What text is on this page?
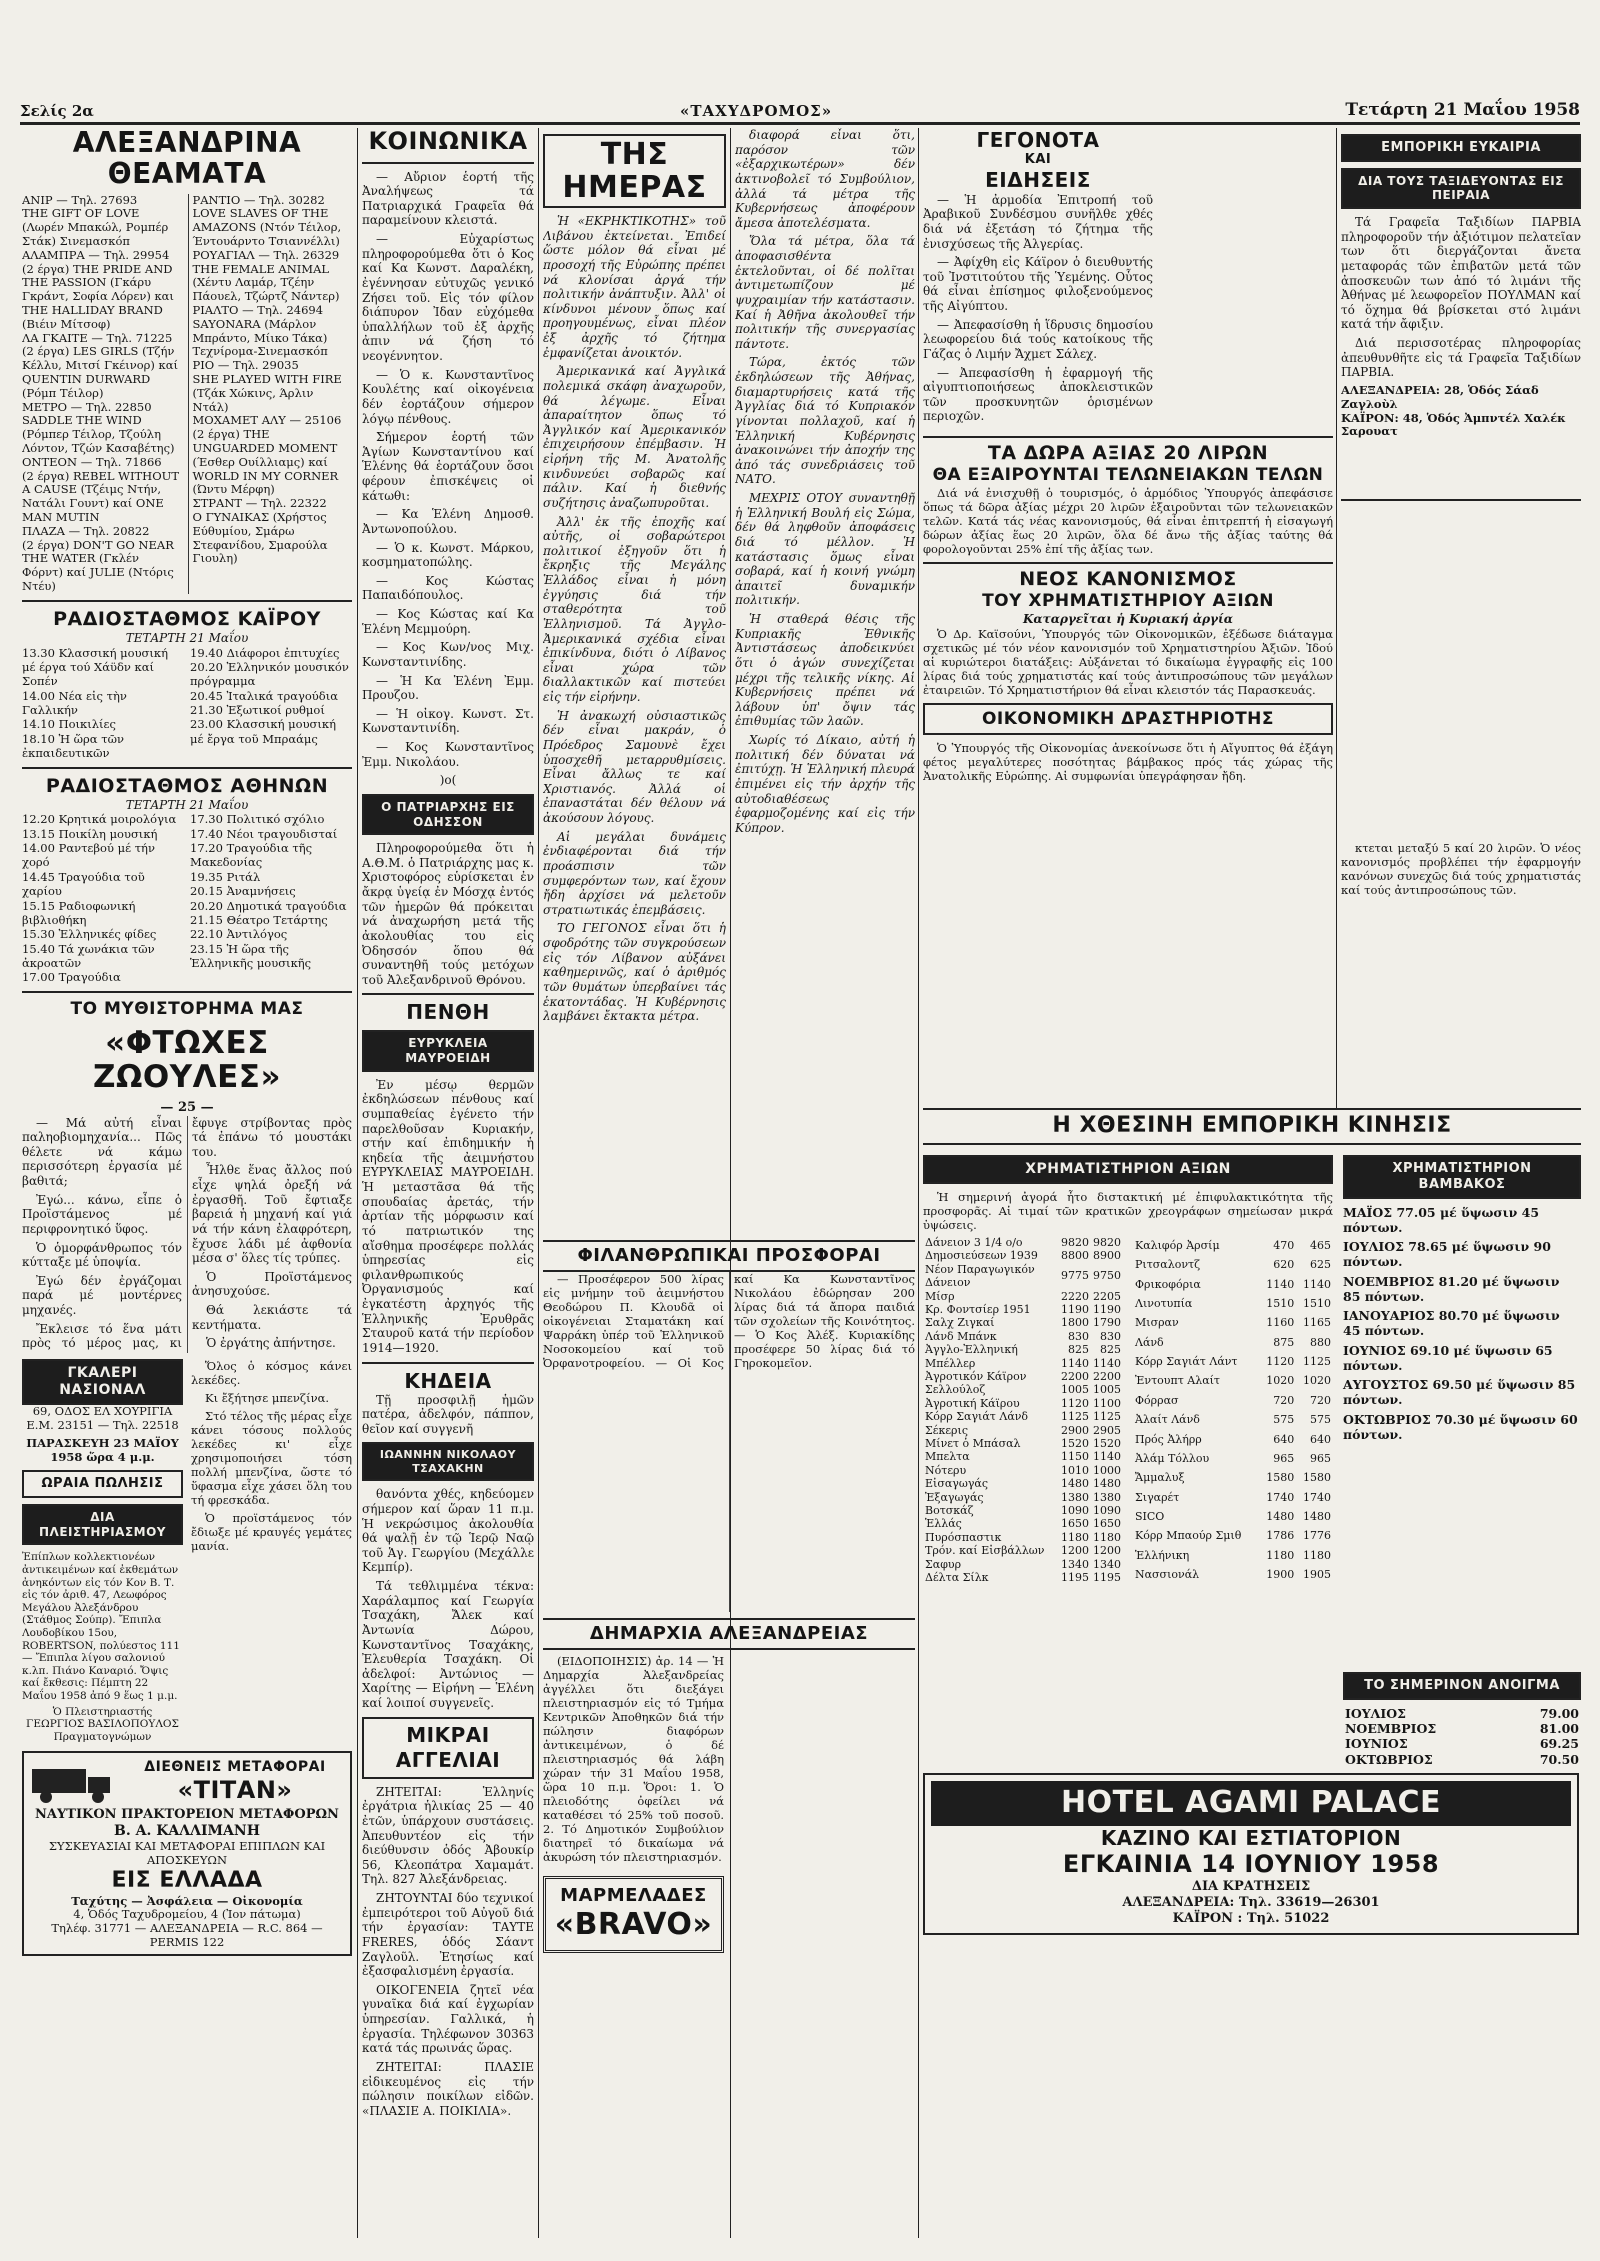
Σελίς 2α	«ΤΑΧΥΔΡΟΜΟΣ»	Τετάρτη 21 Μαΐου 1958
ΑΛΕΞΑΝΔΡΙΝΑ ΘΕΑΜΑΤΑ
ΑΝΙΡ — Τηλ. 27693
THE GIFT OF LOVE (Λωρέν Μπακώλ, Ρομπέρ Στάκ) Σινεμασκόπ
ΑΛΑΜΠΡΑ — Τηλ. 29954
(2 έργα) THE PRIDE AND THE PASSION (Γκάρυ Γκράντ, Σοφία Λόρεν) και THE HALLIDAY BRAND (Βιέιν Μίτσοφ)
ΛΑ ΓΚΑΙΤΕ — Τηλ. 71225
(2 έργα) LES GIRLS (Τζήν Κέλλυ, Μιτσί Γκέινορ) καί QUENTIN DURWARD (Ρόμπ Τέιλορ)
ΜΕΤΡΟ — Τηλ. 22850
SADDLE THE WIND (Ρόμπερ Τέιλορ, Τζούλη Λόντον, Τζών Κασαβέτης)
ΟΝΤΕΟΝ — Τηλ. 71866
(2 έργα) REBEL WITHOUT A CAUSE (Τζέιμς Ντήν, Νατάλι Γουντ) καί ONE MAN MUTIN
ΠΛΑΖΑ — Τηλ. 20822
(2 έργα) DON'T GO NEAR THE WATER (Γκλέν Φόρντ) καί JULIE (Ντόρις Ντέυ)
ΡΑΝΤΙΟ — Τηλ. 30282
LOVE SLAVES OF THE AMAZONS (Ντόν Τέιλορ, Έντουάρντο Τσιαννέλλι)
ΡΟΥΑΓΙΑΛ — Τηλ. 26329
THE FEMALE ANIMAL (Χέντυ Λαμάρ, Τζέην Πάουελ, Τζώρτζ Νάντερ)
ΡΙΑΛΤΟ — Τηλ. 24694
SAYONARA (Μάρλον Μπράντο, Μίικο Τάκα) Τεχνίρομα-Σινεμασκόπ
ΡΙΟ — Τηλ. 29035
SHE PLAYED WITH FIRE (Τζάκ Χώκινς, Άρλιν Ντάλ)
ΜΟΧΑΜΕΤ ΑΛΥ — 25106
(2 έργα) THE UNGUARDED MOMENT (Έσθερ Ουίλλιαμς) καί WORLD IN MY CORNER (Ώντυ Μέρφη)
ΣΤΡΑΝΤ — Τηλ. 22322
Ο ΓΥΝΑΙΚΑΣ (Χρήστος Εύθυμίου, Σμάρω Στεφανίδου, Σμαρούλα Γιουλη)
ΡΑΔΙΟΣΤΑΘΜΟΣ ΚΑΪΡΟΥ
ΤΕΤΑΡΤΗ 21 Μαΐου
13.30 Κλασσική μουσική μέ έργα τού Χάϋδν καί Σοπέν
14.00 Νέα εἰς τὴν Γαλλικήν
14.10 Ποικιλίες
18.10 Ἡ ὥρα τῶν ἐκπαιδευτικῶν
19.40 Διάφοροι ἐπιτυχίες
20.20 Ἑλληνικόν μουσικόν πρόγραμμα
20.45 Ἰταλικά τραγούδια
21.30 Ἐξωτικοί ρυθμοί
23.00 Κλασσική μουσική μέ ἔργα τοῦ Μπραάμς
ΡΑΔΙΟΣΤΑΘΜΟΣ ΑΘΗΝΩΝ
ΤΕΤΑΡΤΗ 21 Μαΐου
12.20 Κρητικά μοιρολόγια
13.15 Ποικίλη μουσική
14.00 Ραντεβού μέ τήν χορό
14.45 Τραγούδια τοῦ χαρίου
15.15 Ραδιοφωνική βιβλιοθήκη
15.30 Ἑλληνικές φίδες
15.40 Τά χωνάκια τῶν ἀκροατῶν
17.00 Τραγούδια
17.30 Πολιτικό σχόλιο
17.40 Νέοι τραγουδισταί
17.20 Τραγούδια τῆς Μακεδονίας
19.35 Ριτάλ
20.15 Ἀναμνήσεις
20.20 Δημοτικά τραγούδια
21.15 Θέατρο Τετάρτης
22.10 Ἀντιλόγος
23.15 Ἡ ὥρα τῆς Ἑλληνικῆς μουσικῆς
ΤΟ ΜΥΘΙΣΤΟΡΗΜΑ ΜΑΣ
«ΦΤΩΧΕΣ ΖΩΟΥΛΕΣ»
— 25 —

— Μά αὐτή εἶναι παληοβιομηχανία... Πῶς θέλετε νά κάμω περισσότερη ἐργασία μέ βαθιτά;

Ἐγώ... κάνω, εἶπε ὁ Προϊστάμενος μέ περιφρονητικό ὕφος.

Ὁ ὁμορφάνθρωπος τόν κύτταξε μέ ὑποψία.

Ἐγώ δέν ἐργάζομαι παρά μέ μοντέρνες μηχανές.

Ἔκλεισε τό ἕνα μάτι πρὸς τό μέρος μας, κι ἔφυγε στρίβοντας πρὸς τά ἐπάνω τό μουστάκι του.

Ἦλθε ἕνας ἄλλος πού εἶχε ψηλά ὀρεξή νά ἐργασθῆ. Τοῦ ἔφτιαξε βαρειά ἡ μηχανή καί γιά νά τήν κάνη ἐλαφρότερη, ἔχυσε λάδι μέ ἀφθονία μέσα σ' ὅλες τίς τρύπες.

Ὁ Προϊστάμενος ἀνησυχούσε.

Θά λεκιάστε τά κεντήματα.

Ὁ ἐργάτης ἀπήντησε.

ΓΚΑΛΕΡΙ ΝΑΣΙΟΝΑΛ
69, ΟΔΟΣ ΕΛ ΧΟΥΡΙΓΙΑ
Ε.Μ. 23151 — Τηλ. 22518
ΠΑΡΑΣΚΕΥΗ 23 ΜΑΪΟΥ 1958 ὥρα 4 μ.μ.
ΩΡΑΙΑ ΠΩΛΗΣΙΣ
ΔΙΑ ΠΛΕΙΣΤΗΡΙΑΣΜΟΥ
Ἐπίπλων κολλεκτιονέων ἀντικειμένων καί ἐκθεμάτων ἀνηκόντων εἰς τόν Κον Β. Τ. εἰς τόν ἀριθ. 47, Λεωφόρος Μεγάλου Ἀλεξάνδρου (Στάθμος Σούπρ). Ἔπιπλα Λουδοβίκου 15ου, ROBERTSON, πολύεστος 111 — Ἔπιπλα λίγου σαλονιού κ.λπ. Πιάνο Καναριό. Ὄψις καί ἔκθεσις: Πέμπτη 22 Μαΐου 1958 ἀπό 9 ἕως 1 μ.μ.
Ὁ Πλειστηριαστής ΓΕΩΡΓΙΟΣ ΒΑΣΙΛΟΠΟΥΛΟΣ Πραγματογνώμων

Ὅλος ὁ κόσμος κάνει λεκέδες.

Κι ἔξήτησε μπενζίνα.

Στό τέλος τῆς μέρας εἶχε κάνει τόσους πολλούς λεκέδες κι' εἶχε χρησιμοποιήσει τόση πολλή μπενζίνα, ὥστε τό ὕφασμα εἶχε χάσει ὅλη του τή φρεσκάδα.

Ὁ προϊστάμενος τόν ἔδιωξε μέ κραυγές γεμάτες μανία.

ΔΙΕΘΝΕΙΣ ΜΕΤΑΦΟΡΑΙ
«ΤΙΤΑΝ»
ΝΑΥΤΙΚΟΝ ΠΡΑΚΤΟΡΕΙΟΝ ΜΕΤΑΦΟΡΩΝ
Β. Α. ΚΑΛΛΙΜΑΝΗ
ΣΥΣΚΕΥΑΣΙΑΙ ΚΑΙ ΜΕΤΑΦΟΡΑΙ ΕΠΙΠΛΩΝ ΚΑΙ ΑΠΟΣΚΕΥΩΝ
ΕΙΣ ΕΛΛΑΔΑ
Ταχύτης — Ἀσφάλεια — Οἰκονομία
4, Ὁδός Ταχυδρομείου, 4 (Ἰον πάτωμα)
Τηλέφ. 31771 — ΑΛΕΞΑΝΔΡΕΙΑ — R.C. 864 — PERMIS 122
ΚΟΙΝΩΝΙΚΑ

— Αὔριον ἑορτή τῆς Ἀναλήψεως τά Πατριαρχικά Γραφεῖα θά παραμείνουν κλειστά.

— Εὐχαρίστως πληροφορούμεθα ὅτι ὁ Κος καί Κα Κωνστ. Δαραλέκη, ἐγέννησαν εὐτυχῶς γενικό Ζήσει τοῦ. Εἰς τόν φίλον διάπυρον Ἰδαν εὐχόμεθα ὑπαλλήλων τοῦ ἐξ ἀρχῆς ἀπιν νά ζήση τό νεογέννητον.

— Ὁ κ. Κωνσταντῖνος Κουλέτης καί οἰκογένεια δέν ἑορτάζουν σήμερον λόγῳ πένθους.

Σήμερον ἑορτή τῶν Ἁγίων Κωνσταντίνου καί Ἑλένης θά ἑορτάζουν ὅσοι φέρουν ἐπισκέψεις οἱ κάτωθι:

— Κα Ἑλένη Δημοσθ. Ἀντωνοπούλου.

— Ὁ κ. Κωνστ. Μάρκου, κοσμηματοπώλης.

— Κος Κώστας Παπαιδόπουλος.

— Κος Κώστας καί Κα Ἑλένη Μεμμούρη.

— Κος Κων/νος Μιχ. Κωνσταντινίδης.

— Ἡ Κα Ἑλένη Ἐμμ. Προυζου.

— Ἡ οἰκογ. Κωνστ. Στ. Κωνσταντινίδη.

— Κος Κωνσταντῖνος Ἐμμ. Νικολάου.

)o(
Ο ΠΑΤΡΙΑΡΧΗΣ ΕΙΣ ΟΔΗΣΣΟΝ

Πληροφορούμεθα ὅτι ἡ Α.Θ.Μ. ὁ Πατριάρχης μας κ. Χριστοφόρος εὑρίσκεται ἐν ἄκρᾳ ὑγείᾳ ἐν Μόσχᾳ ἐντός τῶν ἡμερῶν θά πρόκειται νά ἀναχωρήση μετά τῆς ἀκολουθίας του εἰς Ὀδησσόν ὅπου θά συναντηθῆ τούς μετόχων τοῦ Ἀλεξανδρινοῦ Θρόνου.

ΠΕΝΘΗ
ΕΥΡΥΚΛΕΙΑ ΜΑΥΡΟΕΙΔΗ

Ἐν μέσῳ θερμῶν ἐκδηλώσεων πένθους καί συμπαθείας ἐγένετο τήν παρελθοῦσαν Κυριακήν, στήν καί ἐπιδημικήν ἡ κηδεία τῆς ἀειμνήστου ΕΥΡΥΚΛΕΙΑΣ ΜΑΥΡΟΕΙΔΗ. Ἡ μεταστᾶσα θά τῆς σπουδαίας ἀρετάς, τήν ἀρτίαν τῆς μόρφωσιν καί τό πατριωτικόν της αἴσθημα προσέφερε πολλάς ὑπηρεσίας εἰς φιλανθρωπικούς Ὀργανισμούς καί ἐγκατέστη ἀρχηγός τῆς Ἑλληνικῆς Ἐρυθρᾶς Σταυροῦ κατά τήν περίοδον 1914—1920.

ΚΗΔΕΙΑ

Τῇ προσφιλῇ ἡμῶν πατέρα, ἀδελφόν, πάππον, θεῖον καί συγγενῆ

ΙΩΑΝΝΗΝ ΝΙΚΟΛΑΟΥ ΤΣΑΧΑΚΗΝ

θανόντα χθές, κηδεύομεν σήμερον καί ὥραν 11 π.μ. Ἡ νεκρώσιμος ἀκολουθία θά ψαλῇ ἐν τῷ Ἱερῷ Ναῷ τοῦ Ἁγ. Γεωργίου (Μεχάλλε Κεμπίρ).

Τά τεθλιμμένα τέκνα: Χαράλαμπος καί Γεωργία Τσαχάκη, Ἄλεκ καί Ἀντωνία Δώρου, Κωνσταντῖνος Τσαχάκης, Ἐλευθερία Τσαχάκη. Οἱ ἀδελφοί: Ἀντώνιος — Χαρίτης — Εἰρήνη — Ἑλένη καί λοιποί συγγενεῖς.

ΜΙΚΡΑΙ ΑΓΓΕΛΙΑΙ

ΖΗΤΕΙΤΑΙ: Ἑλληνίς ἐργάτρια ἡλικίας 25 — 40 ἐτῶν, ὑπάρχουν συστάσεις. Ἀπευθυντέον εἰς τήν διεύθυνσιν ὁδός Ἀβουκίρ 56, Κλεοπάτρα Χαμαμάτ. Τηλ. 827 Ἀλεξάνδρειας.

ΖΗΤΟΥΝΤΑΙ δύο τεχνικοί ἐμπειρότεροι τοῦ Αὐγοῦ διά τήν ἐργασίαν: ΤΑΥΤΕ FRERES, ὁδός Σάαντ Ζαγλοῦλ. Ἐτησίως καί ἐξασφαλισμένη ἐργασία.

ΟΙΚΟΓΕΝΕΙΑ ζητεῖ νέα γυναῖκα διά καί ἐγχωρίαν ὑπηρεσίαν. Γαλλικά, ἡ ἐργασία. Τηλέφωνον 30363 κατά τάς πρωινάς ὥρας.

ΖΗΤΕΙΤΑΙ: ΠΛΑΣΙΕ εἰδικευμένος εἰς τήν πώλησιν ποικίλων εἰδῶν. «ΠΛΑΣΙΕ Α. ΠΟΙΚΙΛΙΑ».

ΤΗΣ ΗΜΕΡΑΣ

Ἡ «ΕΚΡΗΚΤΙΚΟΤΗΣ» τοῦ Λιβάνου ἐκτείνεται. Ἐπιδεί ὥστε μόλον θά εἶναι μέ προσοχή τῆς Εὐρώπης πρέπει νά κλονίσαι ἀργά τήν πολιτικήν ἀνάπτυξιν. Ἀλλ' οἱ κίνδυνοι μένουν ὅπως καί προηγουμένως, εἶναι πλέον ἐξ ἀρχῆς τό ζήτημα ἐμφανίζεται ἀνοικτόν.

Ἀμερικανικά καί Ἀγγλικά πολεμικά σκάφη ἀναχωροῦν, θά λέγωμε. Εἶναι ἀπαραίτητον ὅπως τό Ἀγγλικόν καί Ἀμερικανικόν ἐπιχειρήσουν ἐπέμβασιν. Ἡ εἰρήνη τῆς Μ. Ἀνατολῆς κινδυνεύει σοβαρῶς καί πάλιν. Καί ἡ διεθνής συζήτησις ἀναζωπυροῦται.

Ἀλλ' ἐκ τῆς ἐποχῆς καί αὐτῆς, οἱ σοβαρώτεροι πολιτικοί ἐξηγοῦν ὅτι ἡ ἔκρηξις τῆς Μεγάλης Ἑλλάδος εἶναι ἡ μόνη ἐγγύησις διά τήν σταθερότητα τοῦ Ἑλληνισμοῦ. Τά Ἀγγλο-Ἀμερικανικά σχέδια εἶναι ἐπικίνδυνα, διότι ὁ Λίβανος εἶναι χώρα τῶν διαλλακτικῶν καί πιστεύει εἰς τήν εἰρήνην.

Ἡ ἀνακωχή οὐσιαστικῶς δέν εἶναι μακράν, ὁ Πρόεδρος Σαμουνὲ ἔχει ὑποσχεθῆ μεταρρυθμίσεις. Εἶναι ἄλλως τε καί Χριστιανός. Ἀλλά οἱ ἐπαναστάται δέν θέλουν νά ἀκούσουν λόγους.

Αἱ μεγάλαι δυνάμεις ἐνδιαφέρονται διά τήν προάσπισιν τῶν συμφερόντων των, καί ἔχουν ἤδη ἀρχίσει νά μελετοῦν στρατιωτικάς ἐπεμβάσεις.

ΤΟ ΓΕΓΟΝΟΣ εἶναι ὅτι ἡ σφοδρότης τῶν συγκρούσεων εἰς τόν Λίβανον αὐξάνει καθημερινῶς, καί ὁ ἀριθμός τῶν θυμάτων ὑπερβαίνει τάς ἑκατοντάδας. Ἡ Κυβέρνησις λαμβάνει ἔκτακτα μέτρα.

διαφορά εἶναι ὅτι, παρόσον τῶν «ἐξαρχικωτέρων» δέν ἀκτινοβολεῖ τό Συμβούλιον, ἀλλά τά μέτρα τῆς Κυβερνήσεως ἀποφέρουν ἄμεσα ἀποτελέσματα.

Ὅλα τά μέτρα, ὅλα τά ἀποφασισθέντα ἐκτελοῦνται, οἱ δέ πολῖται ἀντιμετωπίζουν μέ ψυχραιμίαν τήν κατάστασιν. Καί ἡ Ἀθῆνα ἀκολουθεῖ τήν πολιτικήν τῆς συνεργασίας πάντοτε.

Τώρα, ἐκτός τῶν ἐκδηλώσεων τῆς Ἀθήνας, διαμαρτυρήσεις κατά τῆς Ἀγγλίας διά τό Κυπριακόν γίνονται πολλαχοῦ, καί ἡ Ἑλληνική Κυβέρνησις ἀνακοινώνει τήν ἀποχήν της ἀπό τάς συνεδριάσεις τοῦ ΝΑΤΟ.

ΜΕΧΡΙΣ ΟΤΟΥ συναντηθῇ ἡ Ἑλληνική Βουλή εἰς Σώμα, δέν θά ληφθοῦν ἀποφάσεις διά τό μέλλον. Ἡ κατάστασις ὅμως εἶναι σοβαρά, καί ἡ κοινή γνώμη ἀπαιτεῖ δυναμικήν πολιτικήν.

Ἡ σταθερά θέσις τῆς Κυπριακῆς Ἐθνικῆς Ἀντιστάσεως ἀποδεικνύει ὅτι ὁ ἀγών συνεχίζεται μέχρι τῆς τελικῆς νίκης. Αἱ Κυβερνήσεις πρέπει νά λάβουν ὑπ' ὄψιν τάς ἐπιθυμίας τῶν λαῶν.

Χωρίς τό Δίκαιο, αὐτή ἡ πολιτική δέν δύναται νά ἐπιτύχῃ. Ἡ Ἑλληνική πλευρά ἐπιμένει εἰς τήν ἀρχήν τῆς αὐτοδιαθέσεως ἐφαρμοζομένης καί εἰς τήν Κύπρον.

ΦΙΛΑΝΘΡΩΠΙΚΑΙ ΠΡΟΣΦΟΡΑΙ

— Προσέφερον 500 λίρας εἰς μνήμην τοῦ ἀειμνήστου Θεοδώρου Π. Κλουδᾶ οἱ οἰκογένειαι Σταματάκη καί Ψαρράκη ὑπέρ τοῦ Ἑλληνικοῦ Νοσοκομείου καί τοῦ Ὀρφανοτροφείου. — Οἱ Κος καί Κα Κωνσταντῖνος Νικολάου ἐδώρησαν 200 λίρας διά τά ἄπορα παιδιά τῶν σχολείων τῆς Κοινότητος. — Ὁ Κος Ἀλέξ. Κυριακίδης προσέφερε 50 λίρας διά τό Γηροκομεῖον.

ΔΗΜΑΡΧΙΑ ΑΛΕΞΑΝΔΡΕΙΑΣ

(ΕΙΔΟΠΟΙΗΣΙΣ) ἀρ. 14 — Ἡ Δημαρχία Ἀλεξανδρείας ἀγγέλλει ὅτι διεξάγει πλειστηριασμόν εἰς τό Τμήμα Κεντρικῶν Ἀποθηκῶν διά τήν πώλησιν διαφόρων ἀντικειμένων, ὁ δέ πλειστηριασμός θά λάβη χώραν τήν 31 Μαΐου 1958, ὥρα 10 π.μ. Ὅροι: 1. Ὁ πλειοδότης ὀφείλει νά καταθέσει τό 25% τοῦ ποσοῦ. 2. Τό Δημοτικόν Συμβούλιον διατηρεῖ τό δικαίωμα νά ἀκυρώση τόν πλειστηριασμόν.

ΜΑΡΜΕΛΑΔΕΣ
«BRAVO»
ΓΕΓΟΝΟΤΑ
ΚΑΙ
ΕΙΔΗΣΕΙΣ

— Ἡ ἀρμοδία Ἐπιτροπή τοῦ Ἀραβικοῦ Συνδέσμου συνῆλθε χθές διά νά ἐξετάση τό ζήτημα τῆς ἐνισχύσεως τῆς Ἀλγερίας.

— Ἀφίχθη εἰς Κάϊρον ὁ διευθυντής τοῦ Ἰνστιτούτου τῆς Ὑεμένης. Οὗτος θά εἶναι ἐπίσημος φιλοξενούμενος τῆς Αἰγύπτου.

— Ἀπεφασίσθη ἡ ἵδρυσις δημοσίου λεωφορείου διά τούς κατοίκους τῆς Γάζας ὁ Λιμήν Ἄχμετ Σάλεχ.

— Ἀπεφασίσθη ἡ ἐφαρμογή τῆς αἰγυπτιοποιήσεως ἀποκλειστικῶν τῶν προσκυνητῶν ὁρισμένων περιοχῶν.

ΤΑ ΔΩΡΑ ΑΞΙΑΣ 20 ΛΙΡΩΝ
ΘΑ ΕΞΑΙΡΟΥΝΤΑΙ ΤΕΛΩΝΕΙΑΚΩΝ ΤΕΛΩΝ

Διά νά ἐνισχυθῇ ὁ τουρισμός, ὁ ἁρμόδιος Ὑπουργός ἀπεφάσισε ὅπως τά δῶρα ἀξίας μέχρι 20 λιρῶν ἐξαιροῦνται τῶν τελωνειακῶν τελῶν. Κατά τάς νέας κανονισμούς, θά εἶναι ἐπιτρεπτή ἡ εἰσαγωγή δώρων ἀξίας ἕως 20 λιρῶν, ὅλα δέ ἄνω τῆς ἀξίας ταύτης θά φορολογοῦνται 25% ἐπί τῆς ἀξίας των.

ΝΕΟΣ ΚΑΝΟΝΙΣΜΟΣ
ΤΟΥ ΧΡΗΜΑΤΙΣΤΗΡΙΟΥ ΑΞΙΩΝ
Καταργεῖται ἡ Κυριακή ἀργία

Ὁ Δρ. Καϊσούνι, Ὑπουργός τῶν Οἰκονομικῶν, ἐξέδωσε διάταγμα σχετικῶς μέ τόν νέον κανονισμόν τοῦ Χρηματιστηρίου Ἀξιῶν. Ἰδού αἱ κυριώτεροι διατάξεις: Αὐξάνεται τό δικαίωμα ἐγγραφῆς εἰς 100 λίρας διά τούς χρηματιστάς καί τούς ἀντιπροσώπους τῶν μεγάλων ἐταιρειῶν. Τό Χρηματιστήριον θά εἶναι κλειστόν τάς Παρασκευάς.

ΟΙΚΟΝΟΜΙΚΗ ΔΡΑΣΤΗΡΙΟΤΗΣ

Ὁ Ὑπουργός τῆς Οἰκονομίας ἀνεκοίνωσε ὅτι ἡ Αἴγυπτος θά ἐξάγη φέτος μεγαλύτερες ποσότητας βάμβακος πρός τάς χώρας τῆς Ἀνατολικῆς Εὐρώπης. Αἱ συμφωνίαι ὑπεγράφησαν ἤδη.

ΕΜΠΟΡΙΚΗ ΕΥΚΑΙΡΙΑ
ΔΙΑ ΤΟΥΣ ΤΑΞΙΔΕΥΟΝΤΑΣ ΕΙΣ ΠΕΙΡΑΙΑ

Τά Γραφεῖα Ταξιδίων ΠΑΡΒΙΑ πληροφοροῦν τήν ἀξιότιμον πελατεῖαν των ὅτι διεργάζονται ἄνετα μεταφοράς τῶν ἐπιβατῶν μετά τῶν ἀποσκευῶν των ἀπό τό λιμάνι τῆς Ἀθήνας μέ λεωφορεῖον ΠΟΥΛΜΑΝ καί τό ὅχημα θά βρίσκεται στό λιμάνι κατά τήν ἄφιξιν.

Διά περισσοτέρας πληροφορίας ἀπευθυνθῆτε εἰς τά Γραφεῖα Ταξιδίων ΠΑΡΒΙΑ.

ΑΛΕΞΑΝΔΡΕΙΑ: 28, Ὁδός Σάαδ Ζαγλοὺλ
ΚΑΪΡΟΝ: 48, Ὁδός Ἀμπντέλ Χαλέκ Σαρουατ

κτεται μεταξύ 5 καί 20 λιρῶν. Ὁ νέος κανονισμός προβλέπει τήν ἐφαρμογήν κανόνων συνεχῶς διά τούς χρηματιστάς καί τούς ἀντιπροσώπους τῶν.

Η ΧΘΕΣΙΝΗ ΕΜΠΟΡΙΚΗ ΚΙΝΗΣΙΣ
ΧΡΗΜΑΤΙΣΤΗΡΙΟΝ ΑΞΙΩΝ

Ἡ σημερινή ἀγορά ἦτο διστακτική μέ ἐπιφυλακτικότητα τῆς προσφορᾶς. Αἱ τιμαί τῶν κρατικῶν χρεογράφων σημείωσαν μικρά ὑψώσεις.

Δάνειον 3 1/4 ο/ο	9820	9820
Δημοσιεύσεων 1939	8800	8900
Νέον Παραγωγικόν Δάνειον	9775	9750
Μίσρ	2220	2205
Κρ. Φοντσίερ 1951	1190	1190
Σαλχ Ζιγκαί	1800	1790
Λάνδ Μπάνκ	830	830
Ἀγγλο-Ἐλληνική	825	825
Μπέλλερ	1140	1140
Ἀγροτικόν Κάϊρον	2200	2200
Σελλούλοζ	1005	1005
Ἀγροτική Κάϊρου	1120	1100
Κόρρ Σαγιάτ Λάνδ	1125	1125
Σέκερις	2900	2905
Μίνετ ὁ Μπάσαλ	1520	1520
Μπελτα	1150	1140
Νότερυ	1010	1000
Εἰσαγωγάς	1480	1480
Ἐξαγωγάς	1380	1380
Βοτσκάζ	1090	1090
Ἑλλάς	1650	1650
Πυρόσπαστικ	1180	1180
Τρόν. καί Εἰσβάλλων	1200	1200
Σαφυρ	1340	1340
Δέλτα Σίλκ	1195	1195
Καλιφόρ Ἀρσίμ	470	465
Ριτσαλοντζ	620	625
Φρικοφόρια	1140	1140
Λινοτυπία	1510	1510
Μισραν	1160	1165
Λάνδ	875	880
Κόρρ Σαγιάτ Λάντ	1120	1125
Ἐντουπτ Αλαίτ	1020	1020
Φόρρασ	720	720
Ἀλαίτ Λάνδ	575	575
Πρός Ἀλήρρ	640	640
Ἀλάμ Τόλλου	965	965
Ἄμμαλυξ	1580	1580
Σιγαρέτ	1740	1740
SICO	1480	1480
Κόρρ Μπαούρ Σμιθ	1786	1776
Ἑλλήνικη	1180	1180
Νασσιονάλ	1900	1905
ΧΡΗΜΑΤΙΣΤΗΡΙΟΝ ΒΑΜΒΑΚΟΣ
ΜΑΪΟΣ 77.05 μέ ὕψωσιν 45 πόντων.
ΙΟΥΛΙΟΣ 78.65 μέ ὕψωσιν 90 πόντων.
ΝΟΕΜΒΡΙΟΣ 81.20 μέ ὕψωσιν 85 πόντων.
ΙΑΝΟΥΑΡΙΟΣ 80.70 μέ ὕψωσιν 45 πόντων.
ΙΟΥΝΙΟΣ 69.10 μέ ὕψωσιν 65 πόντων.
ΑΥΓΟΥΣΤΟΣ 69.50 μέ ὕψωσιν 85 πόντων.
ΟΚΤΩΒΡΙΟΣ 70.30 μέ ὕψωσιν 60 πόντων.
ΤΟ ΣΗΜΕΡΙΝΟΝ ΑΝΟΙΓΜΑ
ΙΟΥΛΙΟΣ	79.00
ΝΟΕΜΒΡΙΟΣ	81.00
ΙΟΥΝΙΟΣ	69.25
ΟΚΤΩΒΡΙΟΣ	70.50
HOTEL AGAMI PALACE
ΚΑΖΙΝΟ ΚΑΙ ΕΣΤΙΑΤΟΡΙΟΝ
ΕΓΚΑΙΝΙΑ 14 ΙΟΥΝΙΟΥ 1958
ΔΙΑ ΚΡΑΤΗΣΕΙΣ
ΑΛΕΞΑΝΔΡΕΙΑ: Τηλ. 33619—26301
ΚΑΪΡΟΝ : Τηλ. 51022
